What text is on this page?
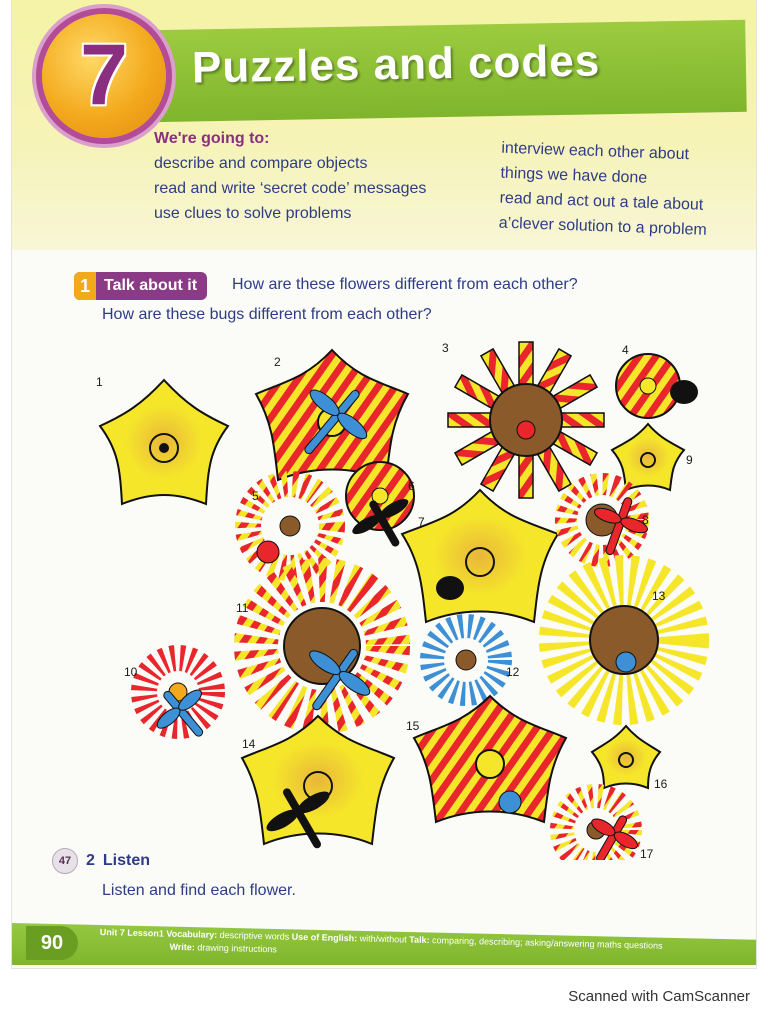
7	Puzzles and codes

We're going to:

describe and compare objects

read and write ‘secret code’ messages

use clues to solve problems

interview each other about

things we have done

read and act out a tale about

a’clever solution to a problem

1 Talk about it How are these flowers different from each other?
How are these bugs different from each other?
1
2
3	4
5
6
7	8
9
10
11
12
13
14
15
16
17
47 2 Listen
Listen and find each flower.
90	Unit 7 Lesson1 Vocabulary: descriptive words Use of English: with/without Talk: comparing, describing; asking/answering maths questions
Write: drawing instructions
Scanned with CamScanner
